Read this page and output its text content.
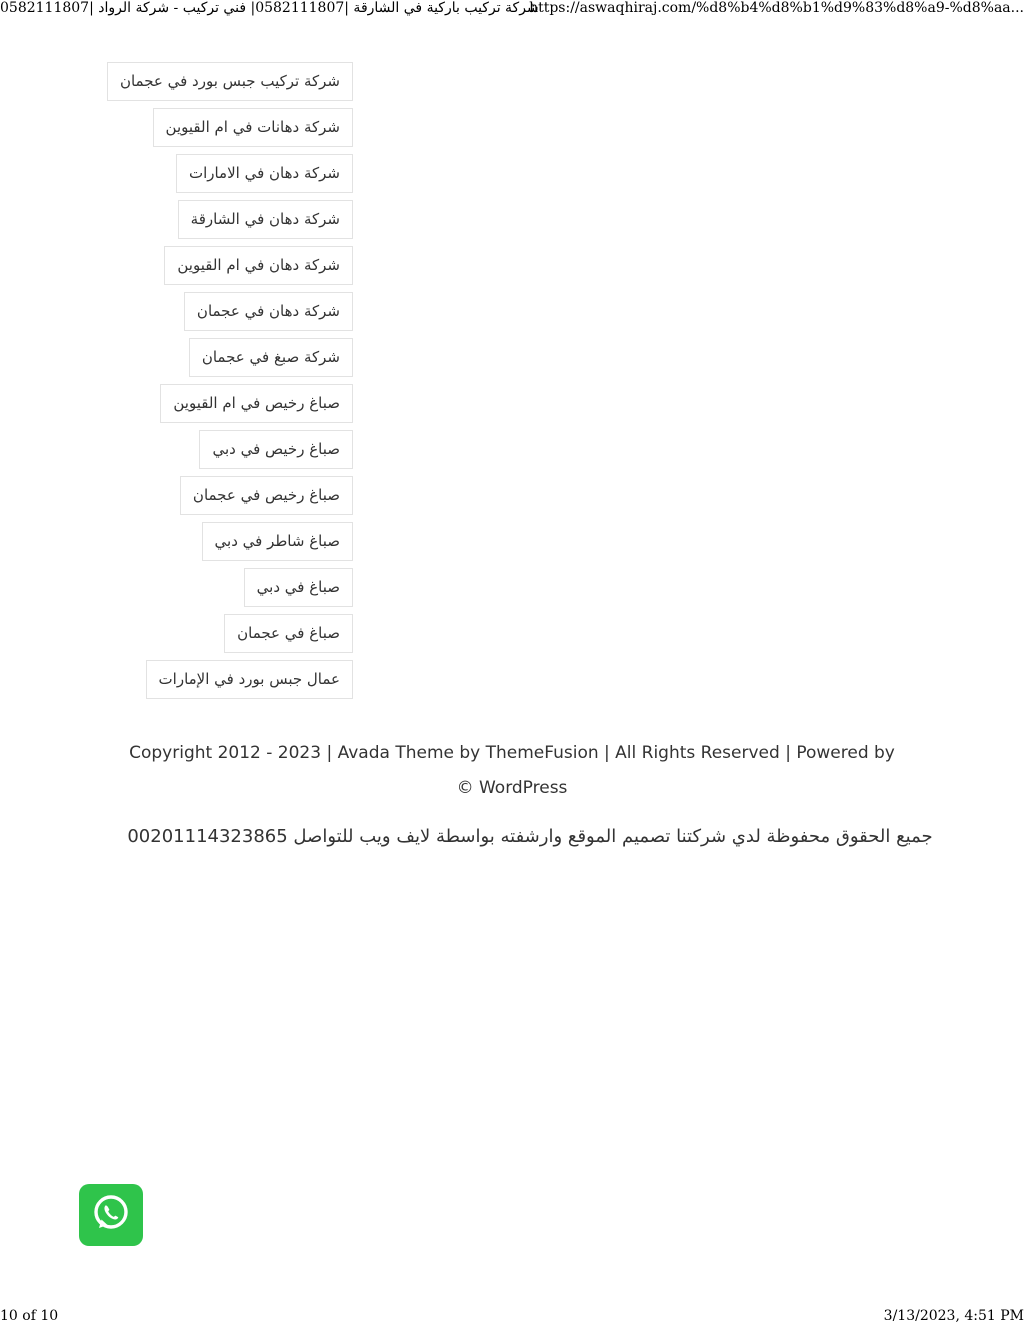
شركة تركيب باركية في الشارقة |0582111807| فني تركيب - شركة الرواد |0582111807
https://aswaqhiraj.com/%d8%b4%d8%b1%d9%83%d8%a9-%d8%aa...
شركة تركيب جبس بورد في عجمان
شركة دهانات في ام القيوين
شركة دهان في الامارات
شركة دهان في الشارقة
شركة دهان في ام القيوين
شركة دهان في عجمان
شركة صبغ في عجمان
صباغ رخيص في ام القيوين
صباغ رخيص في دبي
صباغ رخيص في عجمان
صباغ شاطر في دبي
صباغ في دبي
صباغ في عجمان
عمال جبس بورد في الإمارات
Copyright 2012 - 2023 | Avada Theme by ThemeFusion | All Rights Reserved | Powered by © WordPress
جميع الحقوق محفوظة لدي شركتنا تصميم الموقع وارشفته بواسطة لايف ويب للتواصل 00201114323865
10 of 10	3/13/2023, 4:51 PM
